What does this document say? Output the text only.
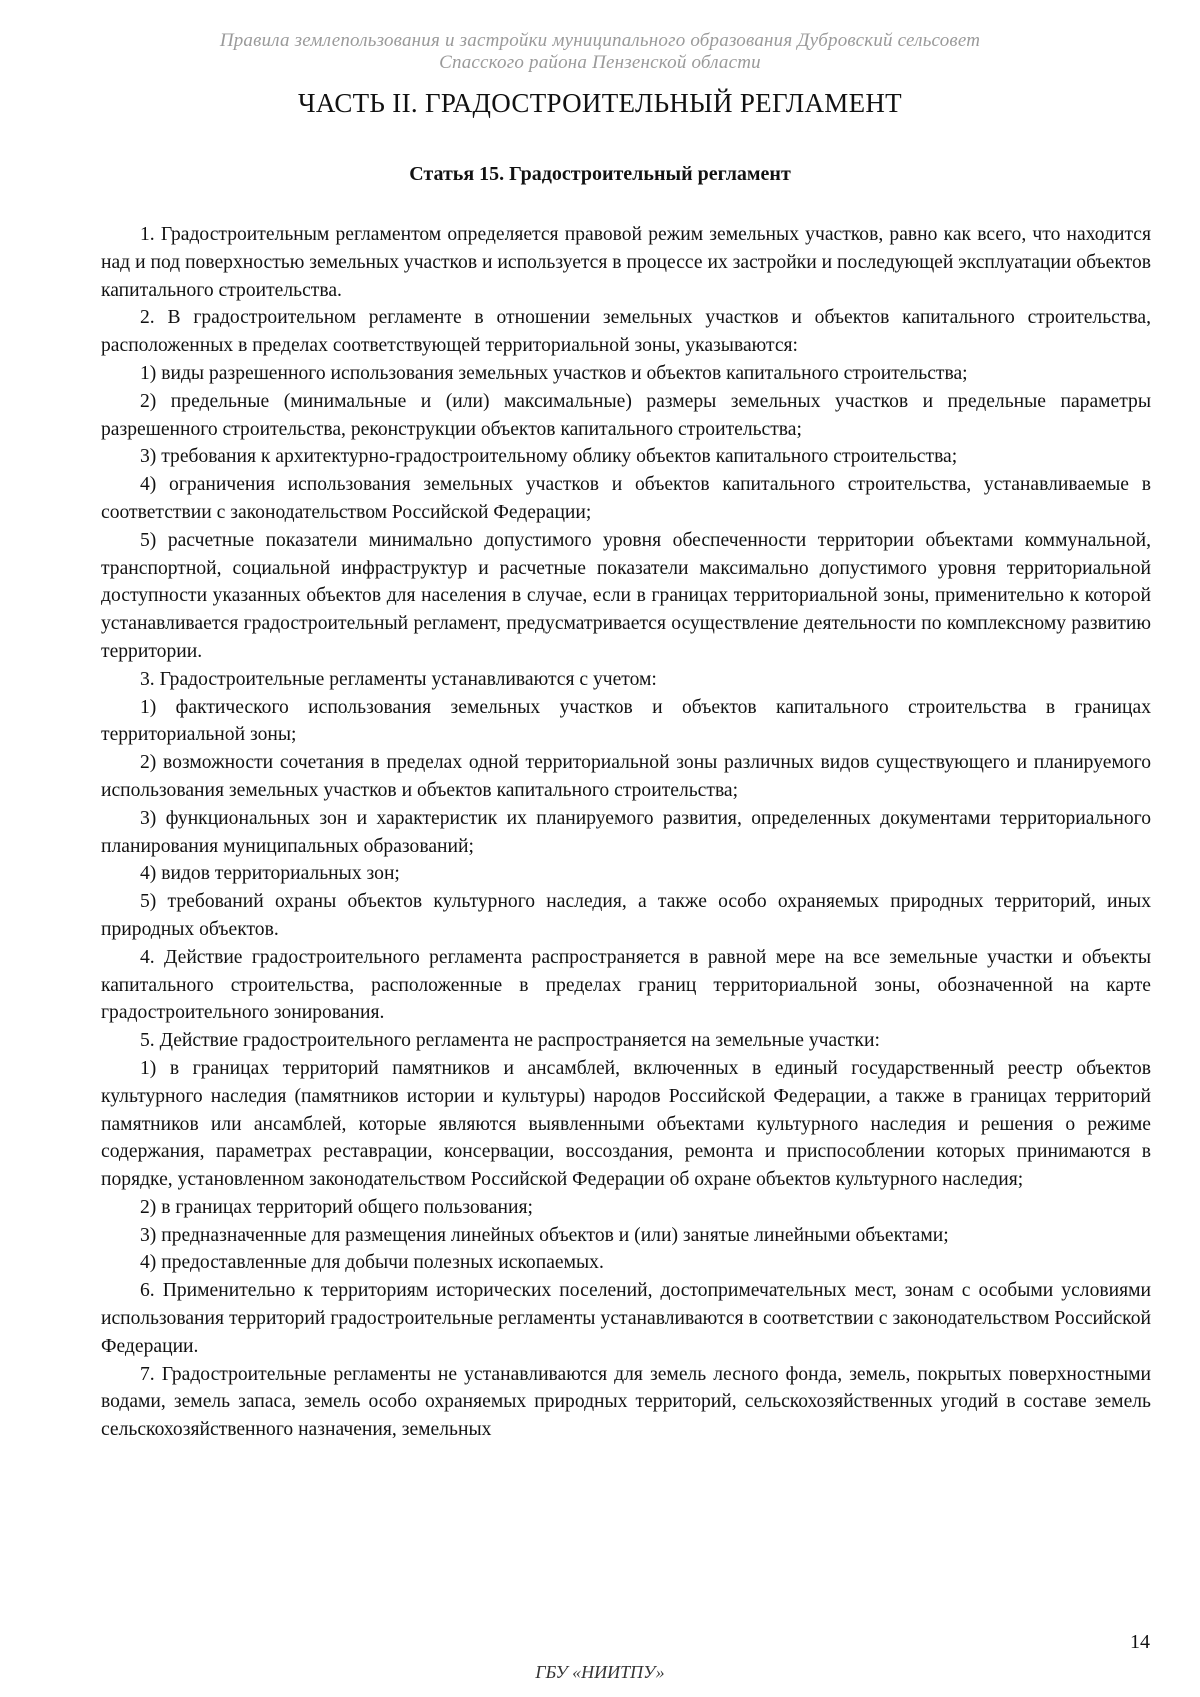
Правила землепользования и застройки муниципального образования Дубровский сельсовет
Спасского района Пензенской области
ЧАСТЬ II. ГРАДОСТРОИТЕЛЬНЫЙ РЕГЛАМЕНТ
Статья 15. Градостроительный регламент

1. Градостроительным регламентом определяется правовой режим земельных участков, равно как всего, что находится над и под поверхностью земельных участков и используется в процессе их застройки и последующей эксплуатации объектов капитального строительства.

2. В градостроительном регламенте в отношении земельных участков и объектов капитального строительства, расположенных в пределах соответствующей территориальной зоны, указываются:

1) виды разрешенного использования земельных участков и объектов капитального строительства;

2) предельные (минимальные и (или) максимальные) размеры земельных участков и предельные параметры разрешенного строительства, реконструкции объектов капитального строительства;

3) требования к архитектурно-градостроительному облику объектов капитального строительства;

4) ограничения использования земельных участков и объектов капитального строительства, устанавливаемые в соответствии с законодательством Российской Федерации;

5) расчетные показатели минимально допустимого уровня обеспеченности территории объектами коммунальной, транспортной, социальной инфраструктур и расчетные показатели максимально допустимого уровня территориальной доступности указанных объектов для населения в случае, если в границах территориальной зоны, применительно к которой устанавливается градостроительный регламент, предусматривается осуществление деятельности по комплексному развитию территории.

3. Градостроительные регламенты устанавливаются с учетом:

1) фактического использования земельных участков и объектов капитального строительства в границах территориальной зоны;

2) возможности сочетания в пределах одной территориальной зоны различных видов существующего и планируемого использования земельных участков и объектов капитального строительства;

3) функциональных зон и характеристик их планируемого развития, определенных документами территориального планирования муниципальных образований;

4) видов территориальных зон;

5) требований охраны объектов культурного наследия, а также особо охраняемых природных территорий, иных природных объектов.

4. Действие градостроительного регламента распространяется в равной мере на все земельные участки и объекты капитального строительства, расположенные в пределах границ территориальной зоны, обозначенной на карте градостроительного зонирования.

5. Действие градостроительного регламента не распространяется на земельные участки:

1) в границах территорий памятников и ансамблей, включенных в единый государственный реестр объектов культурного наследия (памятников истории и культуры) народов Российской Федерации, а также в границах территорий памятников или ансамблей, которые являются выявленными объектами культурного наследия и решения о режиме содержания, параметрах реставрации, консервации, воссоздания, ремонта и приспособлении которых принимаются в порядке, установленном законодательством Российской Федерации об охране объектов культурного наследия;

2) в границах территорий общего пользования;

3) предназначенные для размещения линейных объектов и (или) занятые линейными объектами;

4) предоставленные для добычи полезных ископаемых.

6. Применительно к территориям исторических поселений, достопримечательных мест, зонам с особыми условиями использования территорий градостроительные регламенты устанавливаются в соответствии с законодательством Российской Федерации.

7. Градостроительные регламенты не устанавливаются для земель лесного фонда, земель, покрытых поверхностными водами, земель запаса, земель особо охраняемых природных территорий, сельскохозяйственных угодий в составе земель сельскохозяйственного назначения, земельных

14
ГБУ «НИИТПУ»
